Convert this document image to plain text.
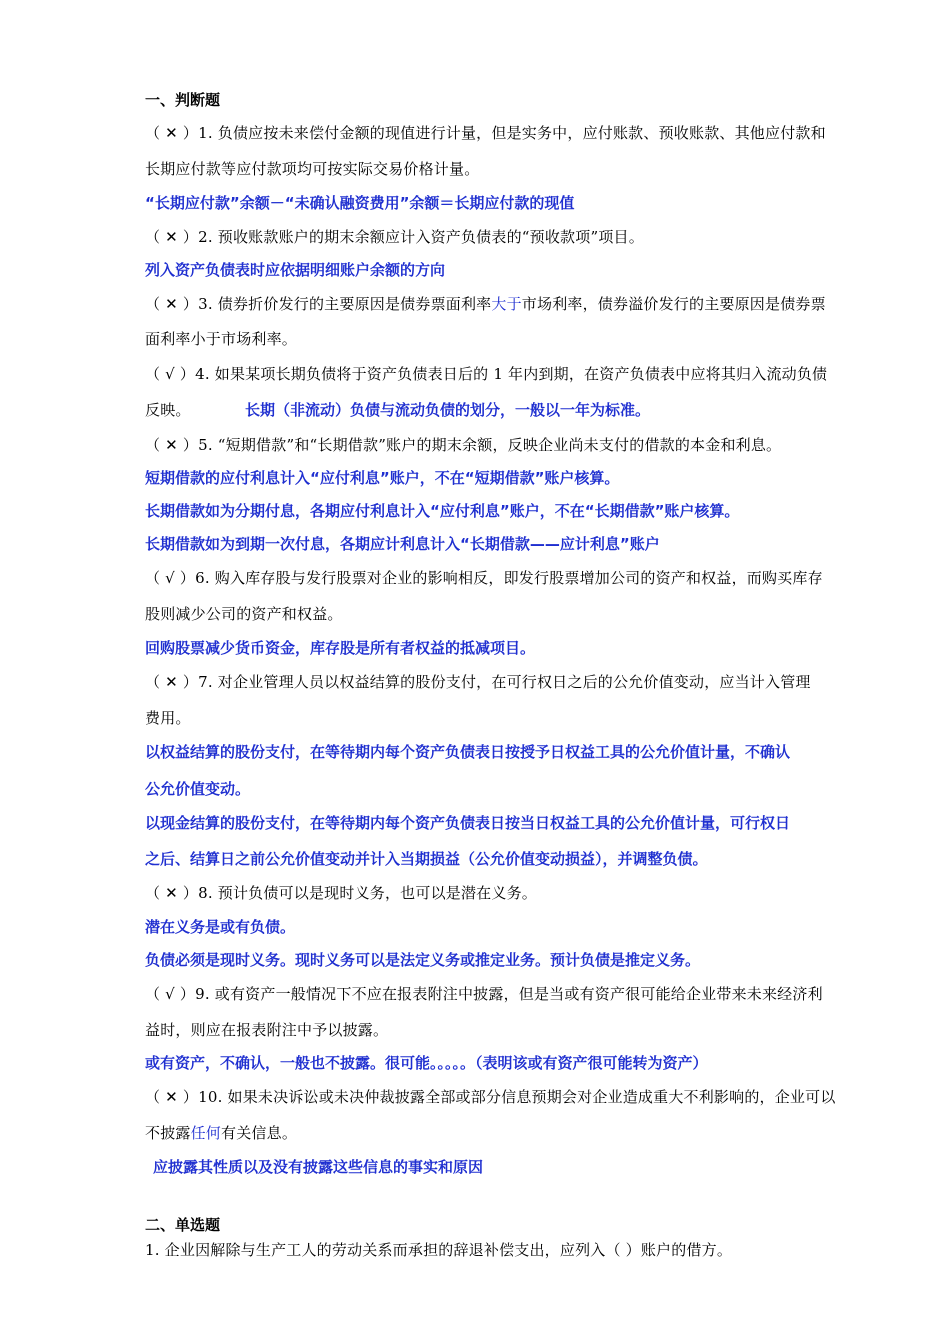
一、判断题
（ ✕ ）1. 负债应按未来偿付金额的现值进行计量，但是实务中，应付账款、预收账款、其他应付款和
长期应付款等应付款项均可按实际交易价格计量。
“长期应付款”余额－“未确认融资费用”余额＝长期应付款的现值
（ ✕ ）2. 预收账款账户的期末余额应计入资产负债表的“预收款项”项目。
列入资产负债表时应依据明细账户余额的方向
（ ✕ ）3. 债券折价发行的主要原因是债券票面利率大于市场利率，债券溢价发行的主要原因是债券票
面利率小于市场利率。
（ √ ）4. 如果某项长期负债将于资产负债表日后的 1 年内到期，在资产负债表中应将其归入流动负债
反映。	长期（非流动）负债与流动负债的划分，一般以一年为标准。
（ ✕ ）5. “短期借款”和“长期借款”账户的期末余额，反映企业尚未支付的借款的本金和利息。
短期借款的应付利息计入“应付利息”账户，不在“短期借款”账户核算。
长期借款如为分期付息，各期应付利息计入“应付利息”账户，不在“长期借款”账户核算。
长期借款如为到期一次付息，各期应计利息计入“长期借款——应计利息”账户
（ √ ）6. 购入库存股与发行股票对企业的影响相反，即发行股票增加公司的资产和权益，而购买库存
股则减少公司的资产和权益。
回购股票减少货币资金，库存股是所有者权益的抵减项目。
（ ✕ ）7. 对企业管理人员以权益结算的股份支付，在可行权日之后的公允价值变动，应当计入管理
费用。
以权益结算的股份支付，在等待期内每个资产负债表日按授予日权益工具的公允价值计量，不确认
公允价值变动。
以现金结算的股份支付，在等待期内每个资产负债表日按当日权益工具的公允价值计量，可行权日
之后、结算日之前公允价值变动并计入当期损益（公允价值变动损益），并调整负债。
（ ✕ ）8. 预计负债可以是现时义务，也可以是潜在义务。
潜在义务是或有负债。
负债必须是现时义务。现时义务可以是法定义务或推定业务。预计负债是推定义务。
（ √ ）9. 或有资产一般情况下不应在报表附注中披露，但是当或有资产很可能给企业带来未来经济利
益时，则应在报表附注中予以披露。
或有资产，不确认，一般也不披露。很可能。。。。。（表明该或有资产很可能转为资产）
（ ✕ ）10. 如果未决诉讼或未决仲裁披露全部或部分信息预期会对企业造成重大不利影响的，企业可以
不披露任何有关信息。
应披露其性质以及没有披露这些信息的事实和原因
二、单选题
1. 企业因解除与生产工人的劳动关系而承担的辞退补偿支出，应列入（ ）账户的借方。
